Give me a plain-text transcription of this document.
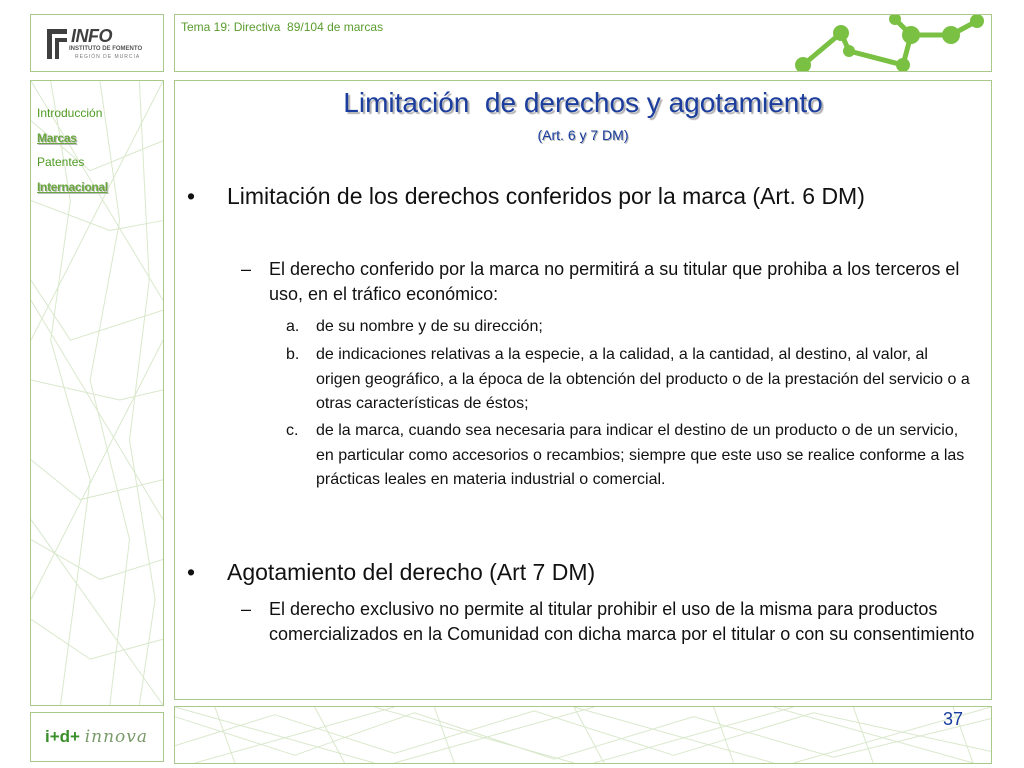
INFO
INSTITUTO DE FOMENTO
REGIÓN DE MURCIA
Tema 19: Directiva  89/104 de marcas
Introducción
Marcas
Patentes
Internacional
Limitación  de derechos y agotamiento
(Art. 6 y 7 DM)
• Limitación de los derechos conferidos por la marca (Art. 6 DM)
– El derecho conferido por la marca no permitirá a su titular que prohiba a los terceros el uso, en el tráfico económico:
a. de su nombre y de su dirección;
b. de indicaciones relativas a la especie, a la calidad, a la cantidad, al destino, al valor, al origen geográfico, a la época de la obtención del producto o de la prestación del servicio o a otras características de éstos;
c. de la marca, cuando sea necesaria para indicar el destino de un producto o de un servicio, en particular como accesorios o recambios; siempre que este uso se realice conforme a las prácticas leales en materia industrial o comercial.
• Agotamiento del derecho (Art 7 DM)
– El derecho exclusivo no permite al titular prohibir el uso de la misma para productos comercializados en la Comunidad con dicha marca por el titular o con su consentimiento
i+d+ innova
37
